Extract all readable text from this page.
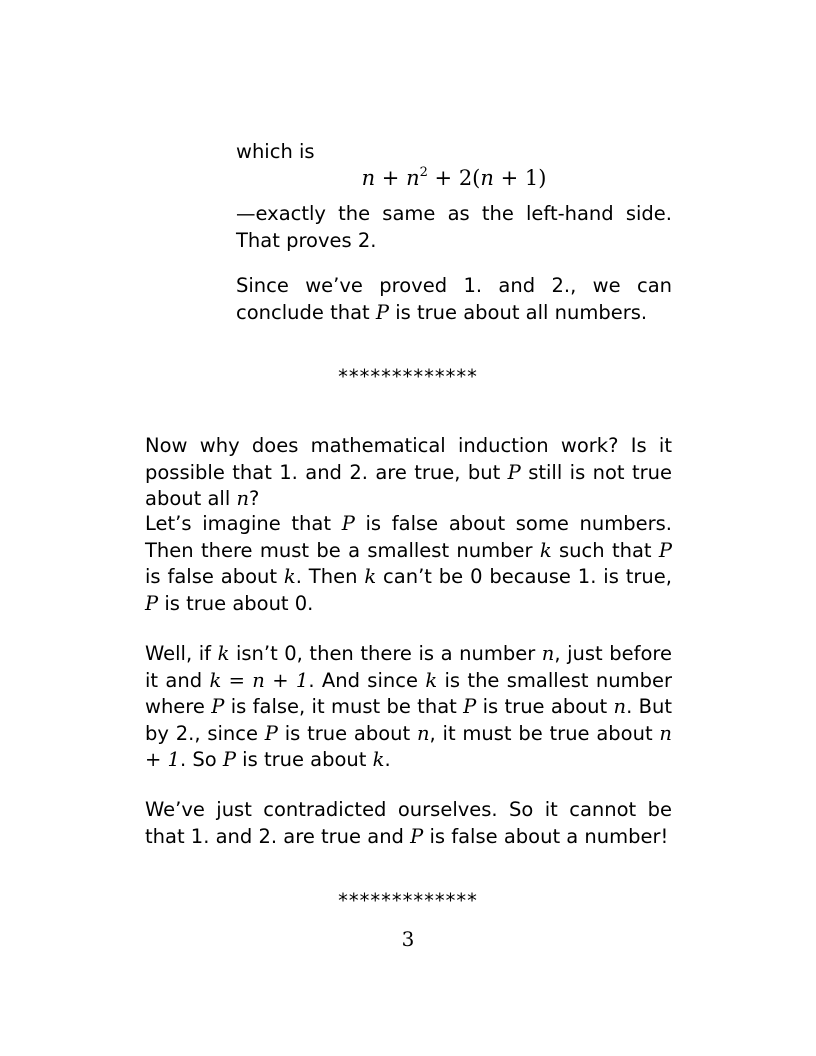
which is

$n + n^2 + 2(n + 1)$

—exactly the same as the left-hand side. That proves 2.

Since we’ve proved 1. and 2., we can conclude that P is true about all numbers.

*************

Now why does mathematical induction work? Is it possible that 1. and 2. are true, but P still is not true about all n?

Let’s imagine that P is false about some numbers. Then there must be a smallest number k such that P is false about k. Then k can’t be 0 because 1. is true, P is true about 0.

Well, if k isn’t 0, then there is a number n, just before it and k = n + 1. And since k is the smallest number where P is false, it must be that P is true about n. But by 2., since P is true about n, it must be true about n + 1. So P is true about k.

We’ve just contradicted ourselves. So it cannot be that 1. and 2. are true and P is false about a number!

*************
3
